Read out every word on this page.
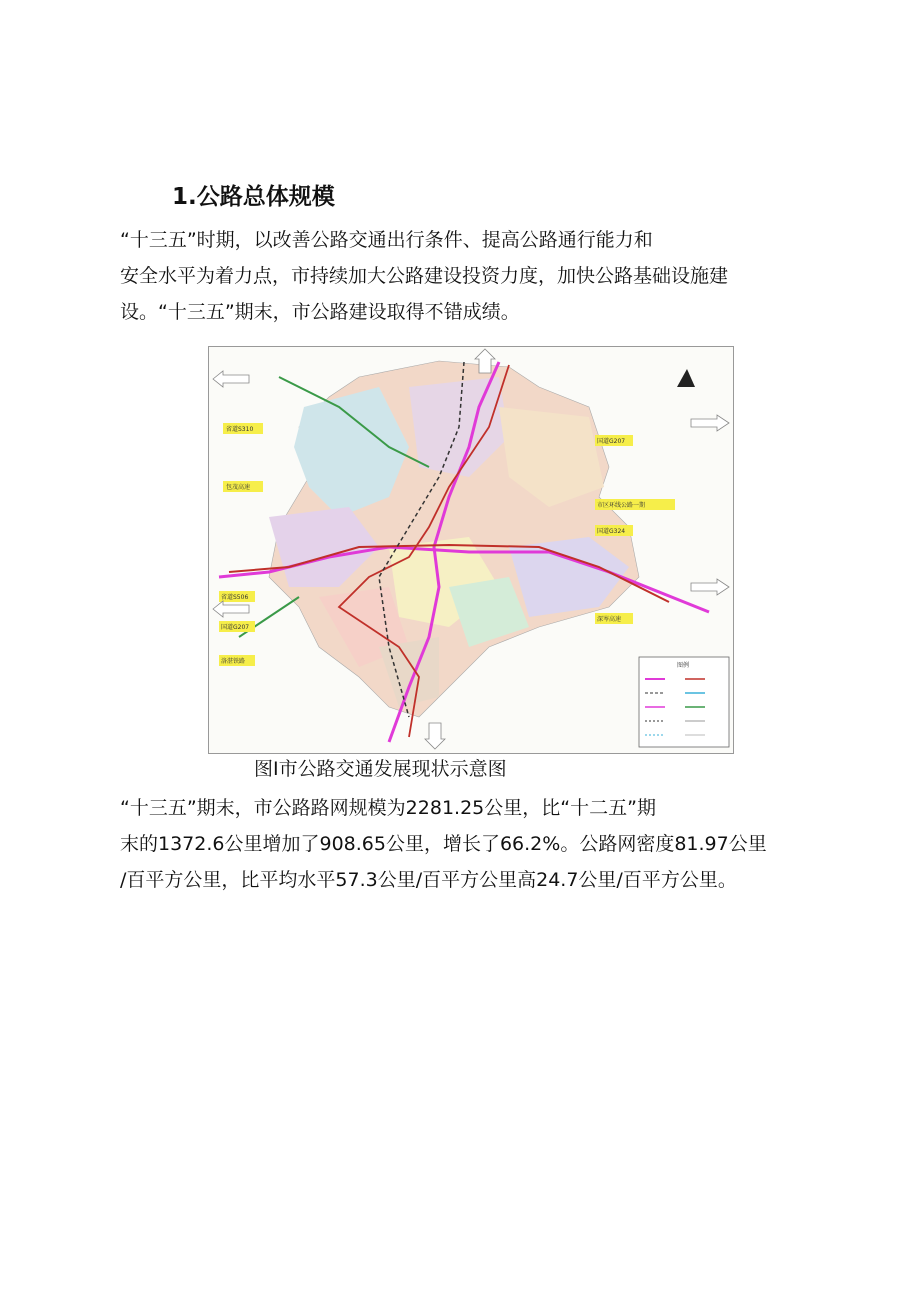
1.公路总体规模

“十三五”时期，以改善公路交通出行条件、提高公路通行能力和
安全水平为着力点，市持续加大公路建设投资力度，加快公路基础设施建
设。“十三五”期末，市公路建设取得不错成绩。

省道S310
包茂高速
省道S506
国道G207
洛湛铁路
国道G207
市区环线公路一期
国道G324
深岑高速
图例
图I市公路交通发展现状示意图

“十三五”期末，市公路路网规模为2281.25公里，比“十二五”期
末的1372.6公里增加了908.65公里，增长了66.2%。公路网密度81.97公里
/百平方公里，比平均水平57.3公里/百平方公里高24.7公里/百平方公里。
